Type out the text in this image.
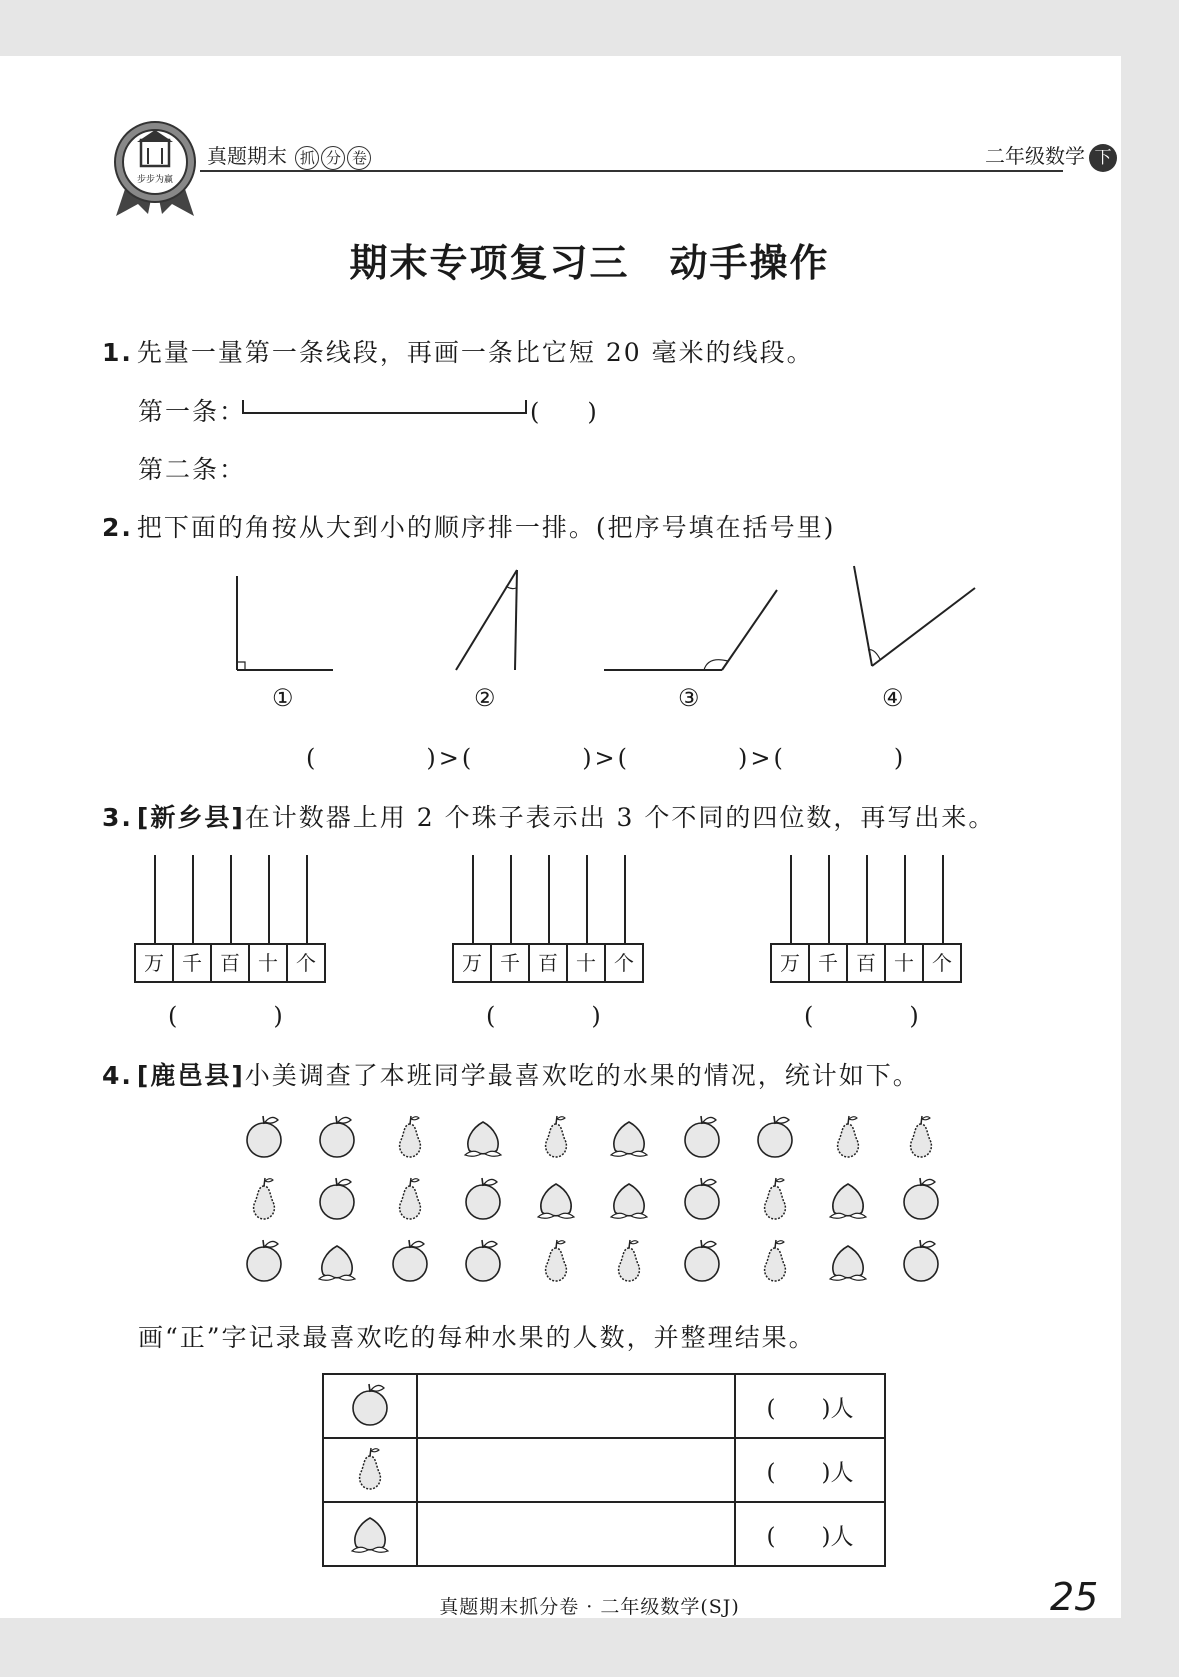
步步为赢
真题期末 抓 分 卷	二年级数学 下
期末专项复习三　动手操作
1. 先量一量第一条线段，再画一条比它短 20 毫米的线段。
第一条：	(　　)
第二条：
2. 把下面的角按从大到小的顺序排一排。(把序号填在括号里)
①	②	③	④
(　　　　)>(　　　　)>(　　　　)>(　　　　)
3. [新乡县]在计数器上用 2 个珠子表示出 3 个不同的四位数，再写出来。
万 千 百 十 个	万 千 百 十 个	万 千 百 十 个
(　　　　)	(　　　　)	(　　　　)
4. [鹿邑县]小美调查了本班同学最喜欢吃的水果的情况，统计如下。
画“正”字记录最喜欢吃的每种水果的人数，并整理结果。
		(　　)人
		(　　)人
		(　　)人
真题期末抓分卷 · 二年级数学(SJ)	25
